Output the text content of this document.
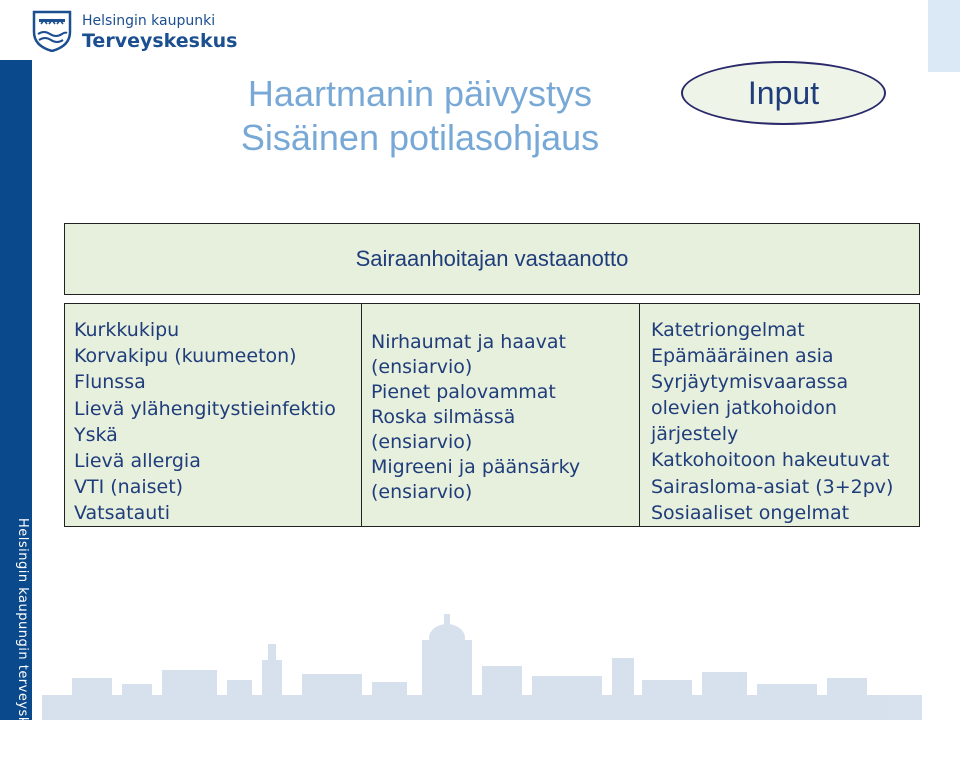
Helsingin kaupungin terveyskeskus
Helsingin kaupunki
Terveyskeskus
Haartmanin päivystys
Sisäinen potilasohjaus
Input
Sairaanhoitajan vastaanotto
Kurkkukipu
Korvakipu (kuumeeton)
Flunssa
Lievä ylähengitystieinfektio
Yskä
Lievä allergia
VTI (naiset)
Vatsatauti
Nirhaumat ja haavat
(ensiarvio)
Pienet palovammat
Roska silmässä
(ensiarvio)
Migreeni ja päänsärky
(ensiarvio)
Katetriongelmat
Epämääräinen asia
Syrjäytymisvaarassa
olevien jatkohoidon
järjestely
Katkohoitoon hakeutuvat
Sairasloma-asiat (3+2pv)
Sosiaaliset ongelmat
